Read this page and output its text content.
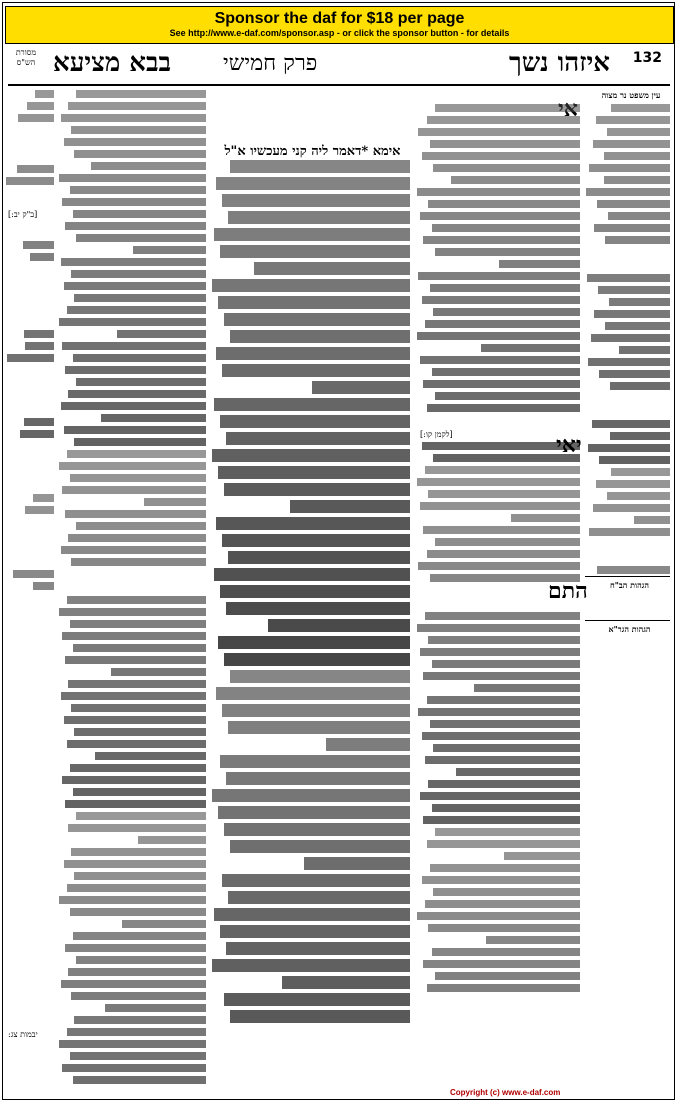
Sponsor the daf for $18 per page
See http://www.e-daf.com/sponsor.asp - or click the sponsor button - for details
132
איזהו נשך
פרק חמישי
בבא מציעא
מסורת הש"ס
עין משפט נר מצוה
אימא *דאמר ליה קני מעכשיו א"ל
הגהות הב"ח
הגהות הגר"א
התם
יאי
[ב"ק יב:]
[לקמן קו:]
יבמות צג:
Copyright (c) www.e-daf.com
